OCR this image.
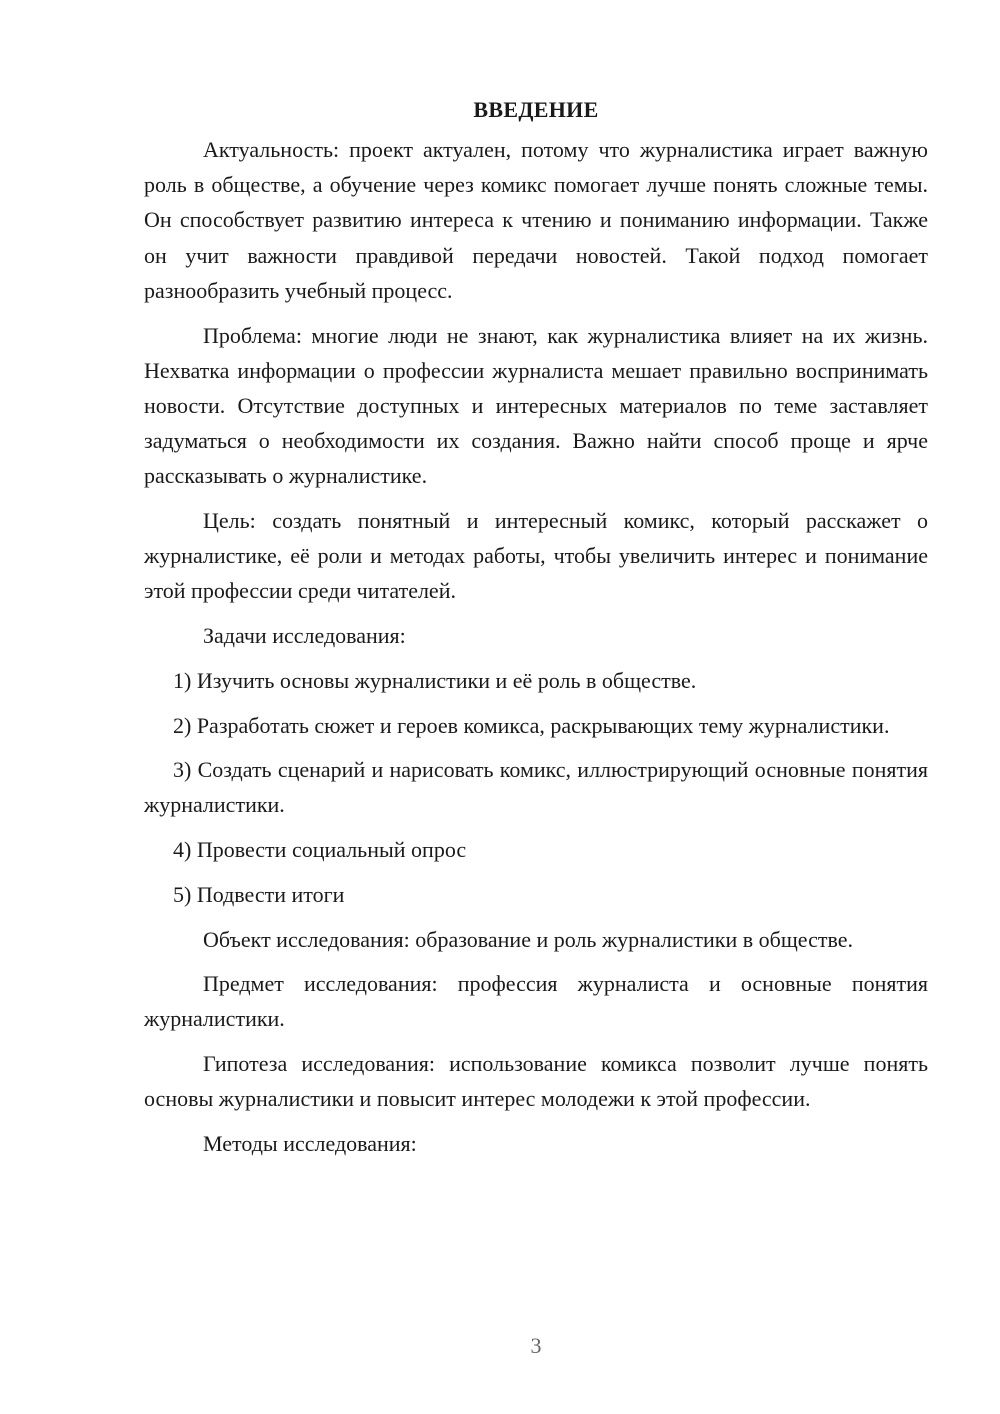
ВВЕДЕНИЕ

Актуальность: проект актуален, потому что журналистика играет важную роль в обществе, а обучение через комикс помогает лучше понять сложные темы. Он способствует развитию интереса к чтению и пониманию информации. Также он учит важности правдивой передачи новостей. Такой подход помогает разнообразить учебный процесс.

Проблема: многие люди не знают, как журналистика влияет на их жизнь. Нехватка информации о профессии журналиста мешает правильно воспринимать новости. Отсутствие доступных и интересных материалов по теме заставляет задуматься о необходимости их создания. Важно найти способ проще и ярче рассказывать о журналистике.

Цель: создать понятный и интересный комикс, который расскажет о журналистике, её роли и методах работы, чтобы увеличить интерес и понимание этой профессии среди читателей.

Задачи исследования:

1) Изучить основы журналистики и её роль в обществе.

2) Разработать сюжет и героев комикса, раскрывающих тему журналистики.

3) Создать сценарий и нарисовать комикс, иллюстрирующий основные понятия журналистики.

4) Провести социальный опрос

5) Подвести итоги

Объект исследования: образование и роль журналистики в обществе.

Предмет исследования: профессия журналиста и основные понятия журналистики.

Гипотеза исследования: использование комикса позволит лучше понять основы журналистики и повысит интерес молодежи к этой профессии.

Методы исследования:

3
